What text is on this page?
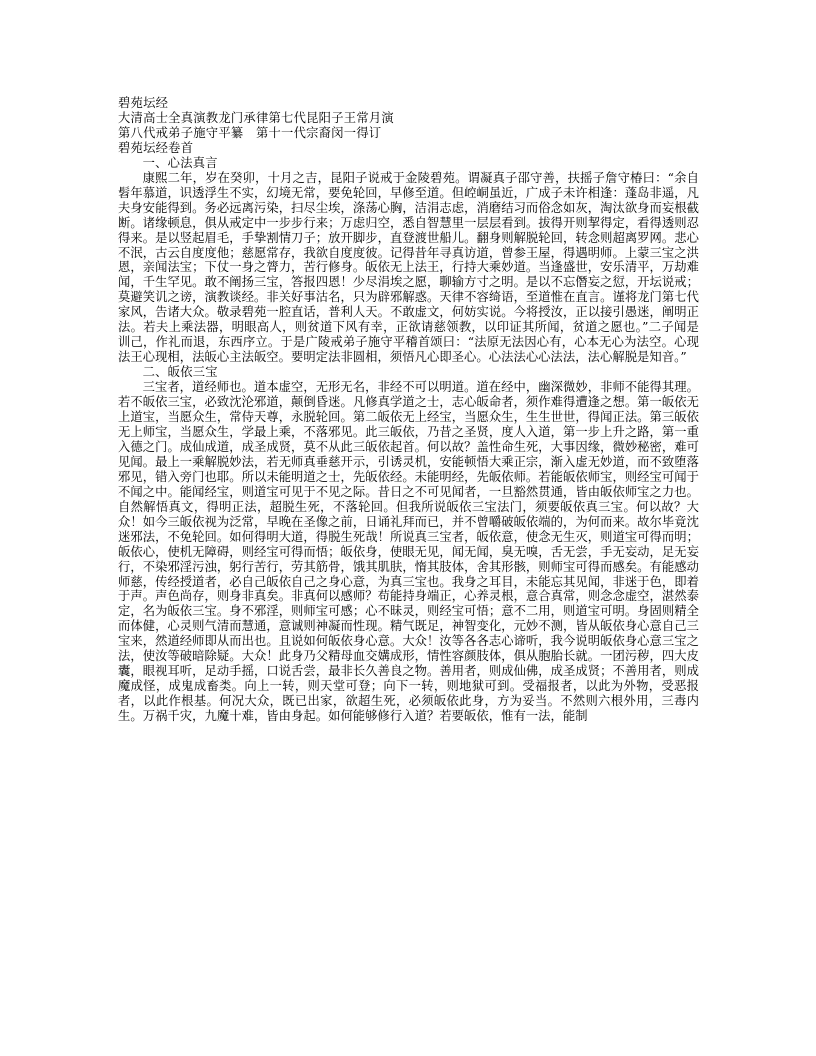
碧苑坛经
大清高士全真演教龙门承律第七代昆阳子王常月演
第八代戒弟子施守平纂　第十一代宗裔闵一得订
碧苑坛经卷首
一、心法真言
康熙二年，岁在癸卯，十月之吉，昆阳子说戒于金陵碧苑。谓凝真子邵守善，扶摇子詹守椿曰：“余自髫年慕道，识透浮生不实，幻境无常，要免轮回，早修至道。但崆峒虽近，广成子未许相逢：蓬岛非遥，凡夫身安能得到。务必远离污染，扫尽尘埃，涤荡心胸，洁涓志虑，消磨结习而俗念如灰，淘汰欲身而妄根截断。诸缘顿息，俱从戒定中一步步行来；万虑归空，悉自智慧里一层层看到。拔得开则挈得定，看得透则忍得来。是以竖起眉毛，手挚割情刀子；放开脚步，直登渡世船儿。翻身则解脱轮回，转念则超离罗网。悲心不泯，古云自度度他；慈愿常存，我欲自度度彼。记得昔年寻真访道，曾参王屋，得遇明师。上蒙三宝之洪恩，亲闻法宝；下仗一身之膂力，苦行修身。皈依无上法王，行持大乘妙道。当逢盛世，安乐清平，万劫难闻，千生罕见。敢不阐扬三宝，答报四恩！少尽涓埃之愿，聊输方寸之明。是以不忘僭妄之愆，开坛说戒；莫避笑讥之谤，演教谈经。非关好事沽名，只为辟邪解惑。天律不容绮语，至道惟在直言。谨将龙门第七代家风，告诸大众。敬录碧苑一腔直话，普利人天。不敢虚文，何妨实说。今将授汝，正以接引愚迷，阐明正法。若夫上乘法器，明眼高人，则贫道下风有幸，正欲请慈领教，以印证其所闻，贫道之愿也。”二子闻是训己，作礼而退，东西序立。于是广陵戒弟子施守平稽首颂曰：“法原无法因心有，心本无心为法空。心现法王心现相，法皈心主法皈空。要明定法非圆相，须悟凡心即圣心。心法法心心法法，法心解脱是知音。”
二、皈依三宝
三宝者，道经师也。道本虚空，无形无名，非经不可以明道。道在经中，幽深微妙，非师不能得其理。若不皈依三宝，必致沈沦邪道，颠倒昏迷。凡修真学道之士，志心皈命者，须作难得遭逢之想。第一皈依无上道宝，当愿众生，常侍天尊，永脱轮回。第二皈依无上经宝，当愿众生，生生世世，得闻正法。第三皈依无上师宝，当愿众生，学最上乘，不落邪见。此三皈依，乃昔之圣贤，度人入道，第一步上升之路，第一重入德之门。成仙成道，成圣成贤，莫不从此三皈依起首。何以故？盖性命生死，大事因缘，微妙秘密，难可见闻。最上一乘解脱妙法，若无师真垂慈开示，引诱灵机，安能顿悟大乘正宗，渐入虚无妙道，而不致堕落邪见，错入旁门也耶。所以未能明道之士，先皈依经。未能明经，先皈依师。若能皈依师宝，则经宝可闻于不闻之中。能闻经宝，则道宝可见于不见之际。昔日之不可见闻者，一旦豁然贯通，皆由皈依师宝之力也。自然解悟真文，得明正法，超脱生死，不落轮回。但我所说皈依三宝法门，须要皈依真三宝。何以故？大众！如今三皈依视为泛常，早晚在圣像之前，日诵礼拜而已，并不曾嚼破皈依端的，为何而来。故尔毕竟沈迷邪法，不免轮回。如何得明大道，得脱生死哉！所说真三宝者，皈依意，使念无生灭，则道宝可得而明；皈依心，使机无障碍，则经宝可得而悟；皈依身，使眼无见，闻无闻，臭无嗅，舌无尝，手无妄动，足无妄行，不染邪淫污浊，躬行苦行，劳其筋骨，饿其肌肤，惰其肢体，舍其形骸，则师宝可得而感矣。有能感动师慈，传经授道者，必自己皈依自己之身心意，为真三宝也。我身之耳目，未能忘其见闻，非迷于色，即着于声。声色尚存，则身非真矣。非真何以感师？苟能持身端正，心养灵根，意合真常，则念念虚空，湛然泰定，名为皈依三宝。身不邪淫，则师宝可感；心不昧灵，则经宝可悟；意不二用，则道宝可明。身固则精全而体健，心灵则气清而慧通，意诚则神凝而性现。精气既足，神智变化，元妙不测，皆从皈依身心意自己三宝来，然道经师即从而出也。且说如何皈依身心意。大众！汝等各各志心谛听，我今说明皈依身心意三宝之法，使汝等破暗除疑。大众！此身乃父精母血交媾成形，情性容颜肢体，俱从胞胎长就。一团污秽，四大皮囊，眼视耳听，足动手摇，口说舌尝，最非长久善良之物。善用者，则成仙佛，成圣成贤；不善用者，则成魔成怪，成鬼成畜类。向上一转，则天堂可登；向下一转，则地狱可到。受福报者，以此为外物，受恶报者，以此作根基。何况大众，既已出家，欲超生死，必须皈依此身，方为妥当。不然则六根外用，三毒内生。万祸千灾，九魔十难，皆由身起。如何能够修行入道？若要皈依，惟有一法，能制
